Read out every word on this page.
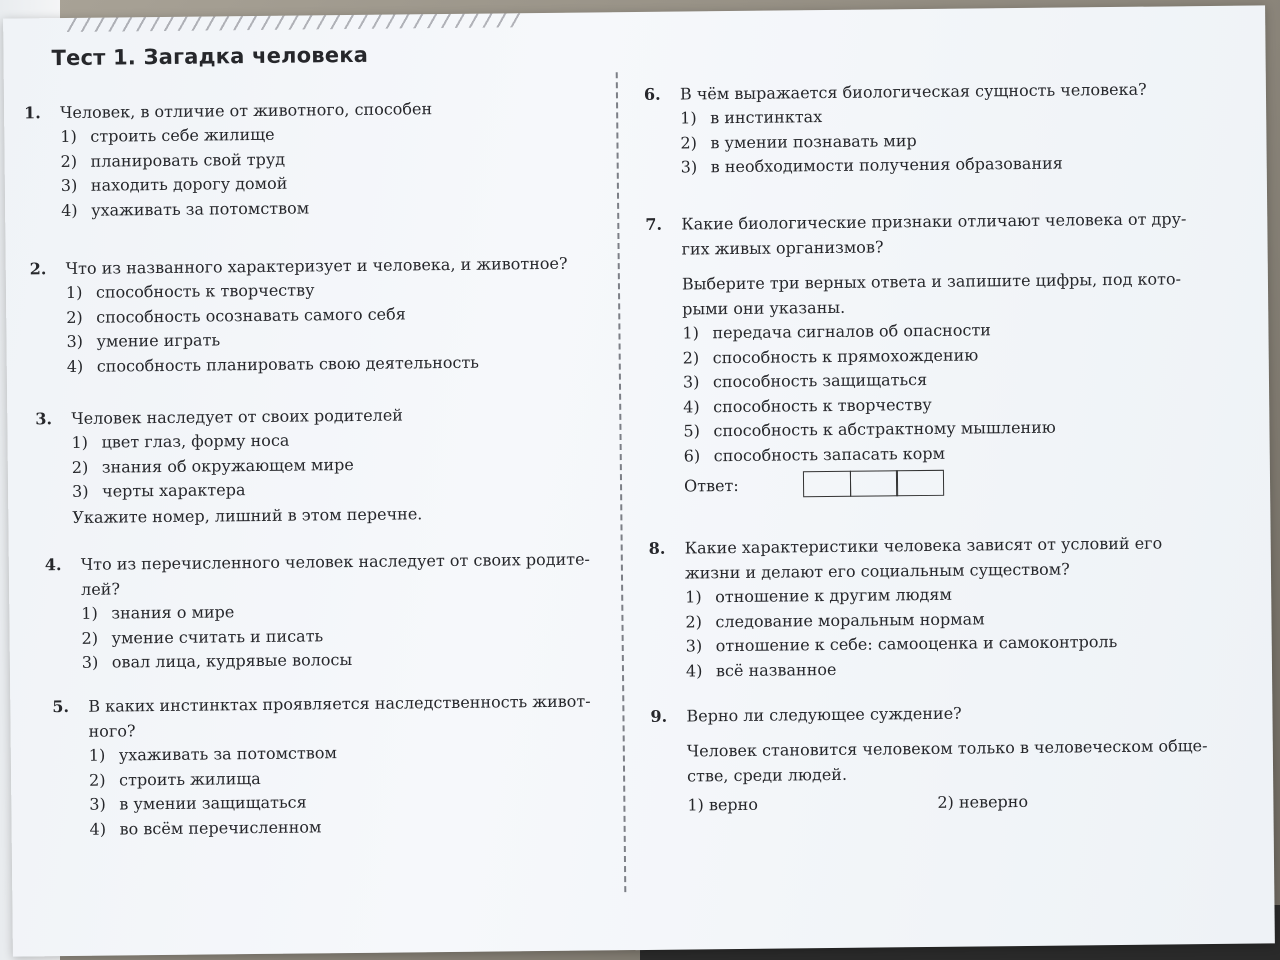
Тест 1. Загадка человека
1.	Человек, в отличие от животного, способен
1) строить себе жилище
2) планировать свой труд
3) находить дорогу домой
4) ухаживать за потомством
2.	Что из названного характеризует и человека, и животное?
1) способность к творчеству
2) способность осознавать самого себя
3) умение играть
4) способность планировать свою деятельность
3.	Человек наследует от своих родителей
1) цвет глаз, форму носа
2) знания об окружающем мире
3) черты характера
Укажите номер, лишний в этом перечне.
4.	Что из перечисленного человек наследует от своих родите-
лей?
1) знания о мире
2) умение считать и писать
3) овал лица, кудрявые волосы
5.	В каких инстинктах проявляется наследственность живот-
ного?
1) ухаживать за потомством
2) строить жилища
3) в умении защищаться
4) во всём перечисленном
6.	В чём выражается биологическая сущность человека?
1) в инстинктах
2) в умении познавать мир
3) в необходимости получения образования
7.	Какие биологические признаки отличают человека от дру-
гих живых организмов?
Выберите три верных ответа и запишите цифры, под кото-
рыми они указаны.
1) передача сигналов об опасности
2) способность к прямохождению
3) способность защищаться
4) способность к творчеству
5) способность к абстрактному мышлению
6) способность запасать корм
Ответ:
8.	Какие характеристики человека зависят от условий его
жизни и делают его социальным существом?
1) отношение к другим людям
2) следование моральным нормам
3) отношение к себе: самооценка и самоконтроль
4) всё названное
9.	Верно ли следующее суждение?
Человек становится человеком только в человеческом обще-
стве, среди людей.
1) верно	2) неверно
